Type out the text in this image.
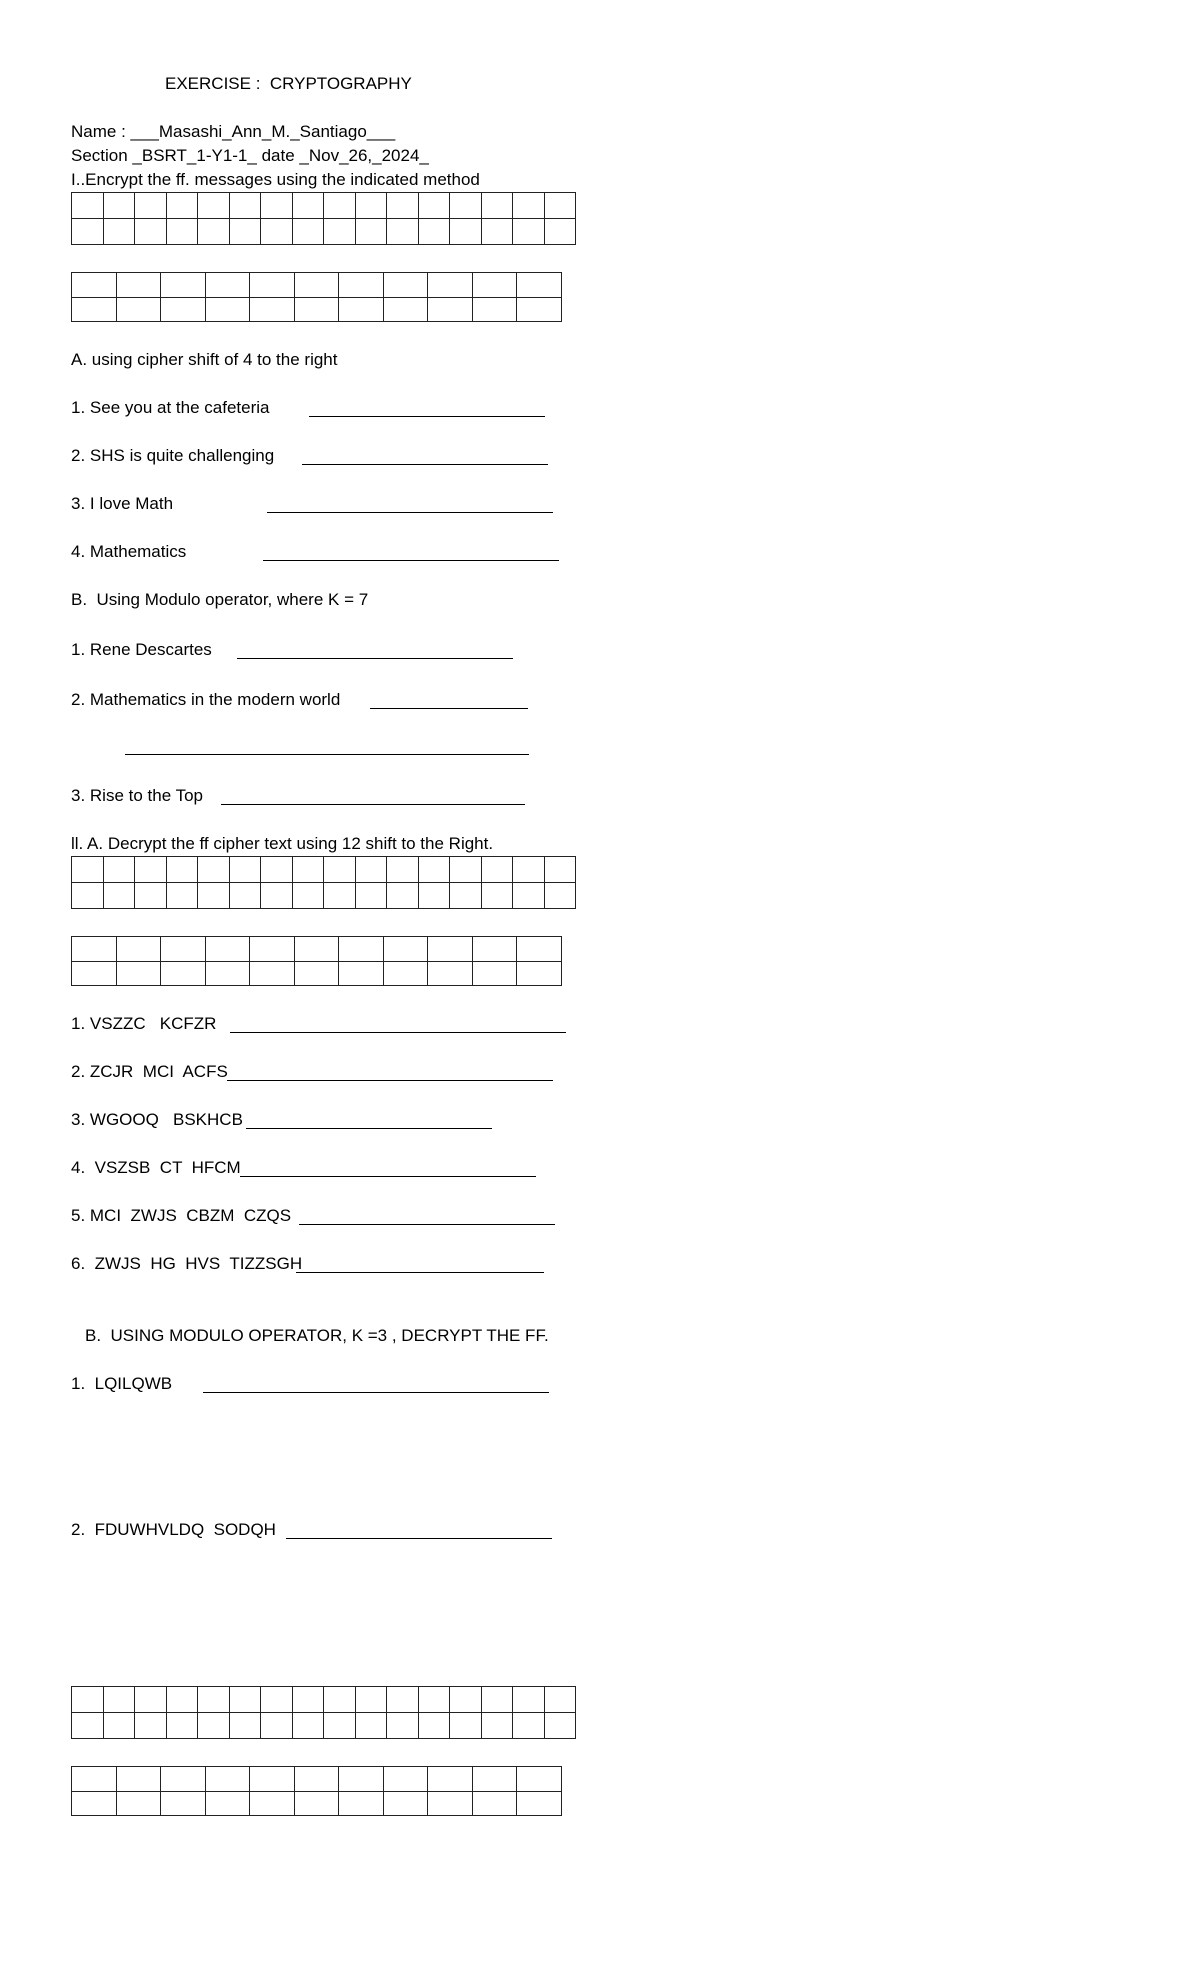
EXERCISE :  CRYPTOGRAPHY
Name : ___Masashi_Ann_M._Santiago___
Section _BSRT_1-Y1-1_ date _Nov_26,_2024_
I..Encrypt the ff. messages using the indicated method

A. using cipher shift of 4 to the right
1. See you at the cafeteria
2. SHS is quite challenging
3. I love Math
4. Mathematics
B.  Using Modulo operator, where K = 7
1. Rene Descartes
2. Mathematics in the modern world
3. Rise to the Top
ll. A. Decrypt the ff cipher text using 12 shift to the Right.

1. VSZZC   KCFZR
2. ZCJR  MCI  ACFS
3. WGOOQ   BSKHCB
4.  VSZSB  CT  HFCM
5. MCI  ZWJS  CBZM  CZQS
6.  ZWJS  HG  HVS  TIZZSGH
B.  USING MODULO OPERATOR, K =3 , DECRYPT THE FF.
1.  LQILQWB
2.  FDUWHVLDQ  SODQH
